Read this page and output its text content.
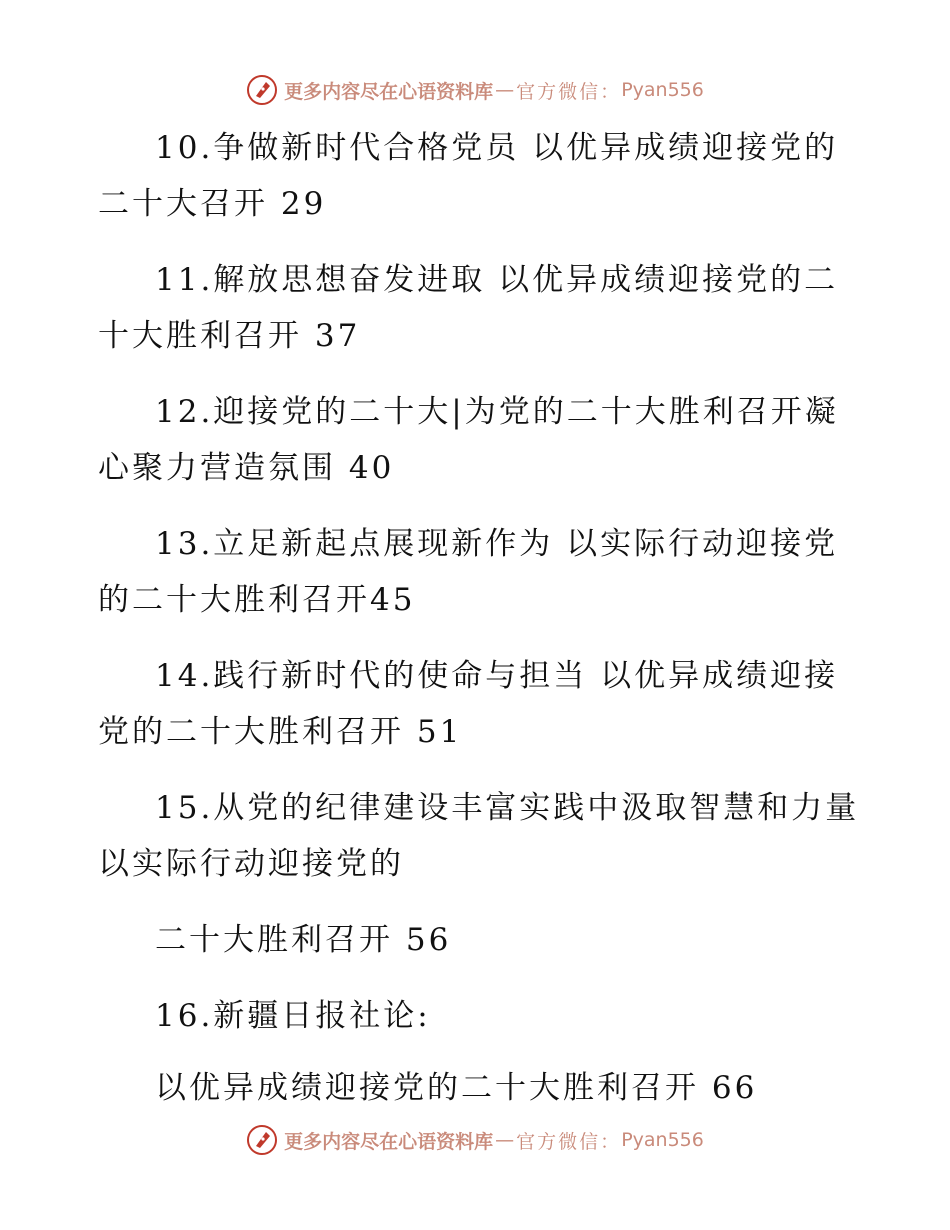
更多内容尽在心语资料库 — 官方微信： Pyan556
10.争做新时代合格党员 以优异成绩迎接党的
二十大召开 29
11.解放思想奋发进取 以优异成绩迎接党的二
十大胜利召开 37
12.迎接党的二十大|为党的二十大胜利召开凝
心聚力营造氛围 40
13.立足新起点展现新作为 以实际行动迎接党
的二十大胜利召开45
14.践行新时代的使命与担当 以优异成绩迎接
党的二十大胜利召开 51
15.从党的纪律建设丰富实践中汲取智慧和力量
以实际行动迎接党的
二十大胜利召开 56
16.新疆日报社论:
以优异成绩迎接党的二十大胜利召开 66
更多内容尽在心语资料库 — 官方微信： Pyan556
